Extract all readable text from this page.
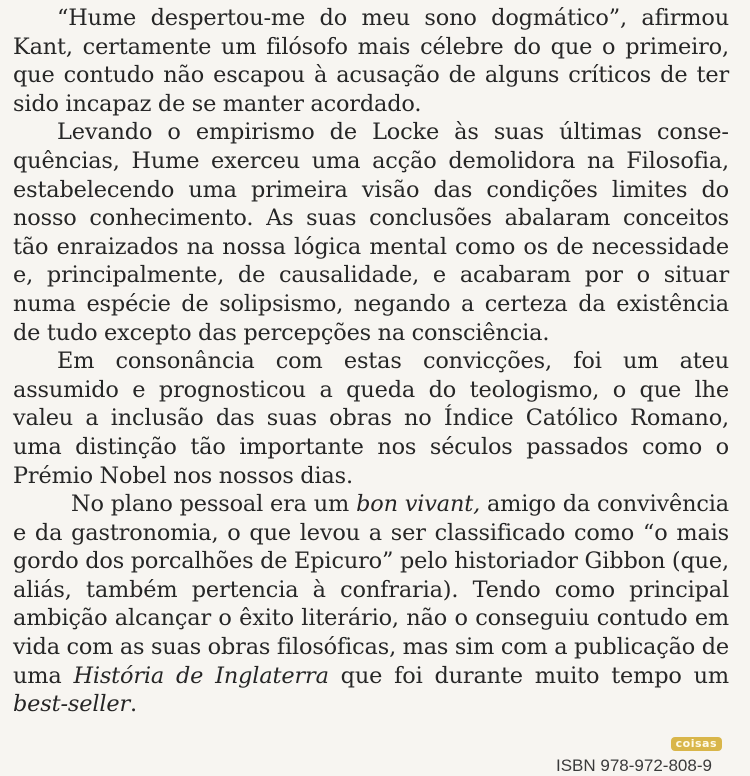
“Hume despertou-me do meu sono dogmático”, afirmou Kant, certamente um filósofo mais célebre do que o primeiro, que contudo não escapou à acusação de alguns críticos de ter sido incapaz de se manter acordado.

Levando o empirismo de Locke às suas últimas consequências, Hume exerceu uma acção demolidora na Filosofia, estabelecendo uma primeira visão das condições limites do nosso conhecimento. As suas conclusões abalaram conceitos tão enraizados na nossa lógica mental como os de necessidade e, principalmente, de causalidade, e acabaram por o situar numa espécie de solipsismo, negando a certeza da existência de tudo excepto das percepções na consciência.

Em consonância com estas convicções, foi um ateu assumido e prognosticou a queda do teologismo, o que lhe valeu a inclusão das suas obras no Índice Católico Romano, uma distinção tão importante nos séculos passados como o Prémio Nobel nos nossos dias.

No plano pessoal era um bon vivant, amigo da convivência e da gastronomia, o que levou a ser classificado como “o mais gordo dos porcalhões de Epicuro” pelo historiador Gibbon (que, aliás, também pertencia à confraria). Tendo como principal ambição alcançar o êxito literário, não o conseguiu contudo em vida com as suas obras filosóficas, mas sim com a publicação de uma História de Inglaterra que foi durante muito tempo um best-seller.

coisas
ISBN 978-972-808-9
